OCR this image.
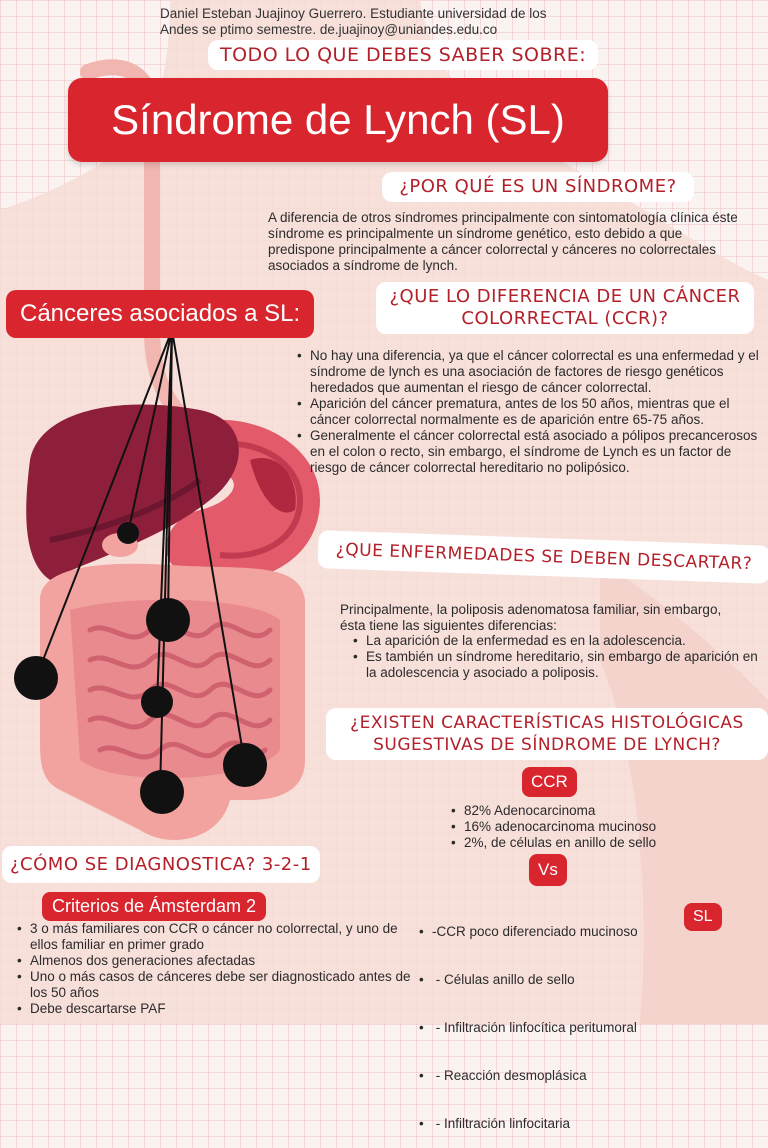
Daniel Esteban Juajinoy Guerrero. Estudiante universidad de los
Andes se ptimo semestre. de.juajinoy@uniandes.edu.co
TODO LO QUE DEBES SABER SOBRE:
Síndrome de Lynch (SL)
¿POR QUÉ ES UN SÍNDROME?
A diferencia de otros síndromes principalmente con sintomatología clínica éste síndrome es principalmente un síndrome genético, esto debido a que predispone principalmente a cáncer colorrectal y cánceres no colorrectales asociados a síndrome de lynch.
Cánceres asociados a SL:
¿QUE LO DIFERENCIA DE UN CÁNCER
COLORRECTAL (CCR)?
• No hay una diferencia, ya que el cáncer colorrectal es una enfermedad y el síndrome de lynch es una asociación de factores de riesgo genéticos heredados que aumentan el riesgo de cáncer colorrectal.
• Aparición del cáncer prematura, antes de los 50 años, mientras que el cáncer colorrectal normalmente es de aparición entre 65-75 años.
• Generalmente el cáncer colorrectal está asociado a pólipos precancerosos en el colon o recto, sin embargo, el síndrome de Lynch es un factor de riesgo de cáncer colorrectal hereditario no polipósico.
¿QUE ENFERMEDADES SE DEBEN DESCARTAR?
Principalmente, la poliposis adenomatosa familiar, sin embargo, ésta tiene las siguientes diferencias:
• La aparición de la enfermedad es en la adolescencia.
• Es también un síndrome hereditario, sin embargo de aparición en la adolescencia y asociado a poliposis.
¿EXISTEN CARACTERÍSTICAS HISTOLÓGICAS
SUGESTIVAS DE SÍNDROME DE LYNCH?
CCR
• 82% Adenocarcinoma
• 16% adenocarcinoma mucinoso
• 2%, de células en anillo de sello
Vs

• -CCR poco diferenciado mucinoso

•  - Células anillo de sello

•  - Infiltración linfocítica peritumoral

•  - Reacción desmoplásica

•  - Infiltración linfocitaria

SL
¿CÓMO SE DIAGNOSTICA? 3-2-1
Criterios de Ámsterdam 2
• 3 o más familiares con CCR o cáncer no colorrectal, y uno de ellos familiar en primer grado
• Almenos dos generaciones afectadas
• Uno o más casos de cánceres debe ser diagnosticado antes de los 50 años
• Debe descartarse PAF
